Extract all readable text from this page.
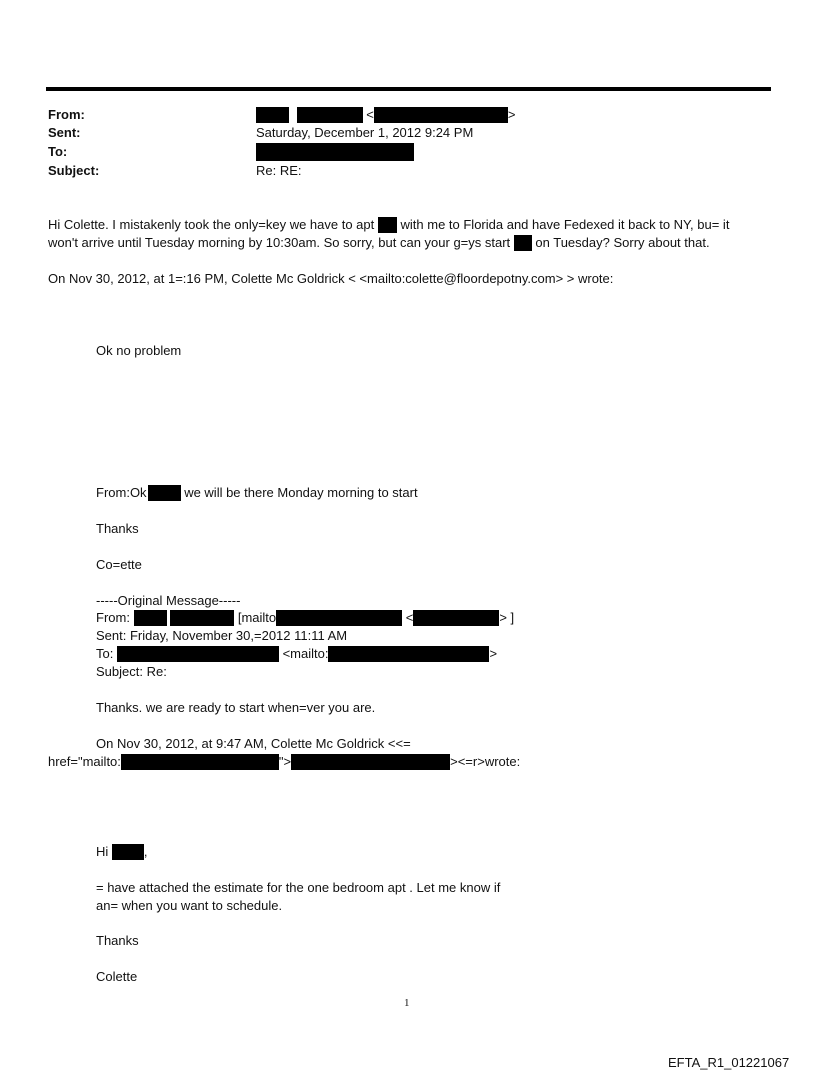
From:	<	>
Sent:	Saturday, December 1, 2012 9:24 PM
To:
Subject:	Re: RE:
Hi Colette. I mistakenly took the only=key we have to apt with me to Florida and have Fedexed it back to NY, bu= it
won't arrive until Tuesday morning by 10:30am. So sorry, but can your g=ys start on Tuesday? Sorry about that.
On Nov 30, 2012, at 1=:16 PM, Colette Mc Goldrick < <mailto:colette@floordepotny.com> > wrote:
Ok no problem
From:Ok	we will be there Monday morning to start
Thanks
Co=ette
-----Original Message-----
From:	[mailto	<	> ]
Sent: Friday, November 30,=2012 11:11 AM
To:	<mailto:	>
Subject: Re:
Thanks. we are ready to start when=ver you are.
On Nov 30, 2012, at 9:47 AM, Colette Mc Goldrick <<=
href="mailto:	">	><=r>wrote:
Hi	,
= have attached the estimate for the one bedroom apt . Let me know if
an= when you want to schedule.
Thanks
Colette
1
EFTA_R1_01221067
